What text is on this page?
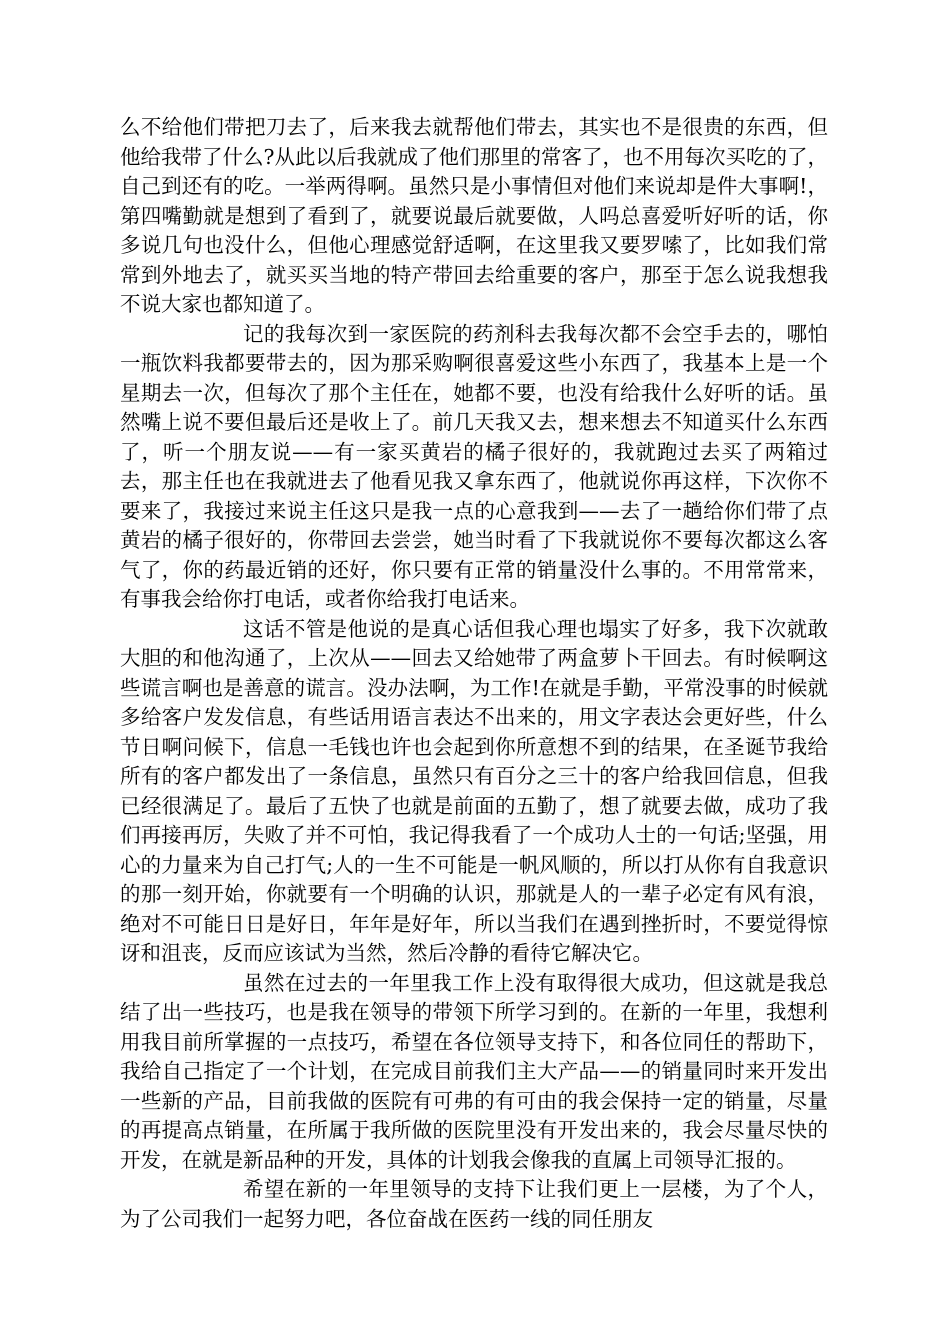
么不给他们带把刀去了，后来我去就帮他们带去，其实也不是很贵的东西，但他给我带了什么?从此以后我就成了他们那里的常客了，也不用每次买吃的了，自己到还有的吃。一举两得啊。虽然只是小事情但对他们来说却是件大事啊!，第四嘴勤就是想到了看到了，就要说最后就要做，人吗总喜爱听好听的话，你多说几句也没什么，但他心理感觉舒适啊，在这里我又要罗嗦了，比如我们常常到外地去了，就买买当地的特产带回去给重要的客户，那至于怎么说我想我不说大家也都知道了。

记的我每次到一家医院的药剂科去我每次都不会空手去的，哪怕一瓶饮料我都要带去的，因为那采购啊很喜爱这些小东西了，我基本上是一个星期去一次，但每次了那个主任在，她都不要，也没有给我什么好听的话。虽然嘴上说不要但最后还是收上了。前几天我又去，想来想去不知道买什么东西了，听一个朋友说——有一家买黄岩的橘子很好的，我就跑过去买了两箱过去，那主任也在我就进去了他看见我又拿东西了，他就说你再这样，下次你不要来了，我接过来说主任这只是我一点的心意我到——去了一趟给你们带了点黄岩的橘子很好的，你带回去尝尝，她当时看了下我就说你不要每次都这么客气了，你的药最近销的还好，你只要有正常的销量没什么事的。不用常常来，有事我会给你打电话，或者你给我打电话来。

这话不管是他说的是真心话但我心理也塌实了好多，我下次就敢大胆的和他沟通了，上次从——回去又给她带了两盒萝卜干回去。有时候啊这些谎言啊也是善意的谎言。没办法啊，为工作!在就是手勤，平常没事的时候就多给客户发发信息，有些话用语言表达不出来的，用文字表达会更好些，什么节日啊问候下，信息一毛钱也许也会起到你所意想不到的结果，在圣诞节我给所有的客户都发出了一条信息，虽然只有百分之三十的客户给我回信息，但我已经很满足了。最后了五快了也就是前面的五勤了，想了就要去做，成功了我们再接再厉，失败了并不可怕，我记得我看了一个成功人士的一句话;坚强，用心的力量来为自己打气;人的一生不可能是一帆风顺的，所以打从你有自我意识的那一刻开始，你就要有一个明确的认识，那就是人的一辈子必定有风有浪，绝对不可能日日是好日，年年是好年，所以当我们在遇到挫折时，不要觉得惊讶和沮丧，反而应该试为当然，然后冷静的看待它解决它。

虽然在过去的一年里我工作上没有取得很大成功，但这就是我总结了出一些技巧，也是我在领导的带领下所学习到的。在新的一年里，我想利用我目前所掌握的一点技巧，希望在各位领导支持下，和各位同任的帮助下，我给自己指定了一个计划，在完成目前我们主大产品——的销量同时来开发出一些新的产品，目前我做的医院有可弗的有可由的我会保持一定的销量，尽量的再提高点销量，在所属于我所做的医院里没有开发出来的，我会尽量尽快的开发，在就是新品种的开发，具体的计划我会像我的直属上司领导汇报的。

希望在新的一年里领导的支持下让我们更上一层楼，为了个人，为了公司我们一起努力吧，各位奋战在医药一线的同任朋友
